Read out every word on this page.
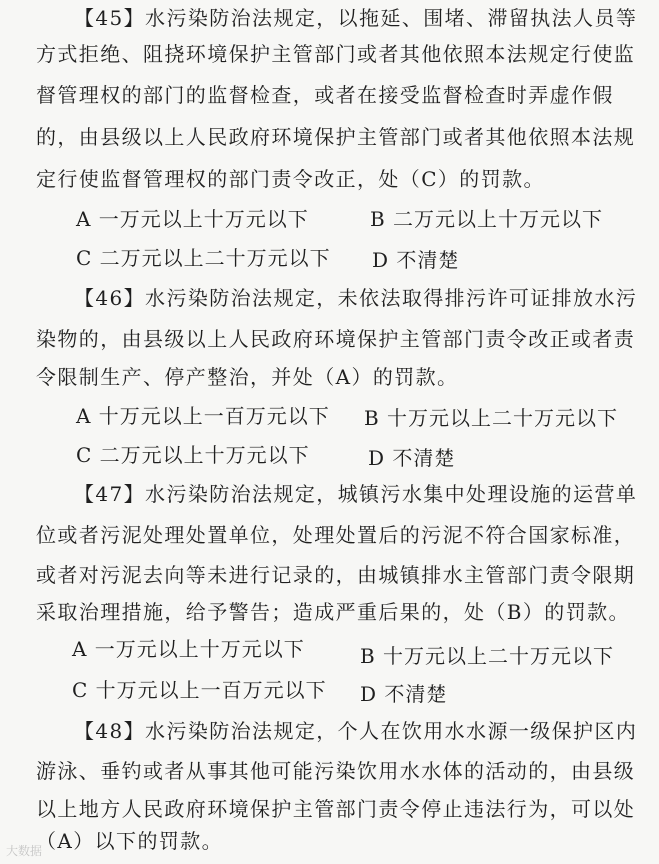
【45】水污染防治法规定，以拖延、围堵、滞留执法人员等
方式拒绝、阻挠环境保护主管部门或者其他依照本法规定行使监
督管理权的部门的监督检查，或者在接受监督检查时弄虚作假
的，由县级以上人民政府环境保护主管部门或者其他依照本法规
定行使监督管理权的部门责令改正，处（C）的罚款。
A 一万元以上十万元以下	B 二万元以上十万元以下
C 二万元以上二十万元以下 D 不清楚
【46】水污染防治法规定，未依法取得排污许可证排放水污
染物的，由县级以上人民政府环境保护主管部门责令改正或者责
令限制生产、停产整治，并处（A）的罚款。
A 十万元以上一百万元以下 B 十万元以上二十万元以下
C 二万元以上十万元以下	D 不清楚
【47】水污染防治法规定，城镇污水集中处理设施的运营单
位或者污泥处理处置单位，处理处置后的污泥不符合国家标准，
或者对污泥去向等未进行记录的，由城镇排水主管部门责令限期
采取治理措施，给予警告；造成严重后果的，处（B）的罚款。
A 一万元以上十万元以下	B 十万元以上二十万元以下
C 十万元以上一百万元以下 D 不清楚
【48】水污染防治法规定，个人在饮用水水源一级保护区内
游泳、垂钓或者从事其他可能污染饮用水水体的活动的，由县级
以上地方人民政府环境保护主管部门责令停止违法行为，可以处
（A）以下的罚款。
大数据
